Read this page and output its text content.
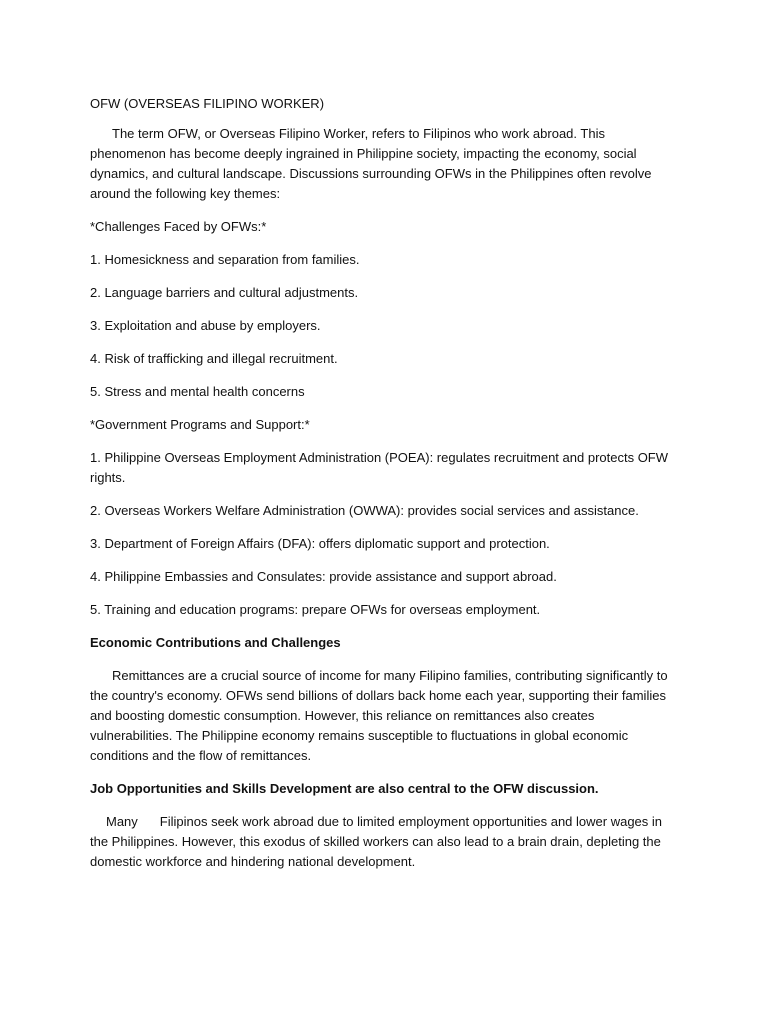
OFW (OVERSEAS FILIPINO WORKER)

The term OFW, or Overseas Filipino Worker, refers to Filipinos who work abroad. This phenomenon has become deeply ingrained in Philippine society, impacting the economy, social dynamics, and cultural landscape. Discussions surrounding OFWs in the Philippines often revolve around the following key themes:

*Challenges Faced by OFWs:*

1. Homesickness and separation from families.

2. Language barriers and cultural adjustments.

3. Exploitation and abuse by employers.

4. Risk of trafficking and illegal recruitment.

5. Stress and mental health concerns

*Government Programs and Support:*

1. Philippine Overseas Employment Administration (POEA): regulates recruitment and protects OFW rights.

2. Overseas Workers Welfare Administration (OWWA): provides social services and assistance.

3. Department of Foreign Affairs (DFA): offers diplomatic support and protection.

4. Philippine Embassies and Consulates: provide assistance and support abroad.

5. Training and education programs: prepare OFWs for overseas employment.

Economic Contributions and Challenges

Remittances are a crucial source of income for many Filipino families, contributing significantly to the country's economy. OFWs send billions of dollars back home each year, supporting their families and boosting domestic consumption. However, this reliance on remittances also creates vulnerabilities. The Philippine economy remains susceptible to fluctuations in global economic conditions and the flow of remittances.

Job Opportunities and Skills Development are also central to the OFW discussion.

Many Filipinos seek work abroad due to limited employment opportunities and lower wages in the Philippines. However, this exodus of skilled workers can also lead to a brain drain, depleting the domestic workforce and hindering national development.
